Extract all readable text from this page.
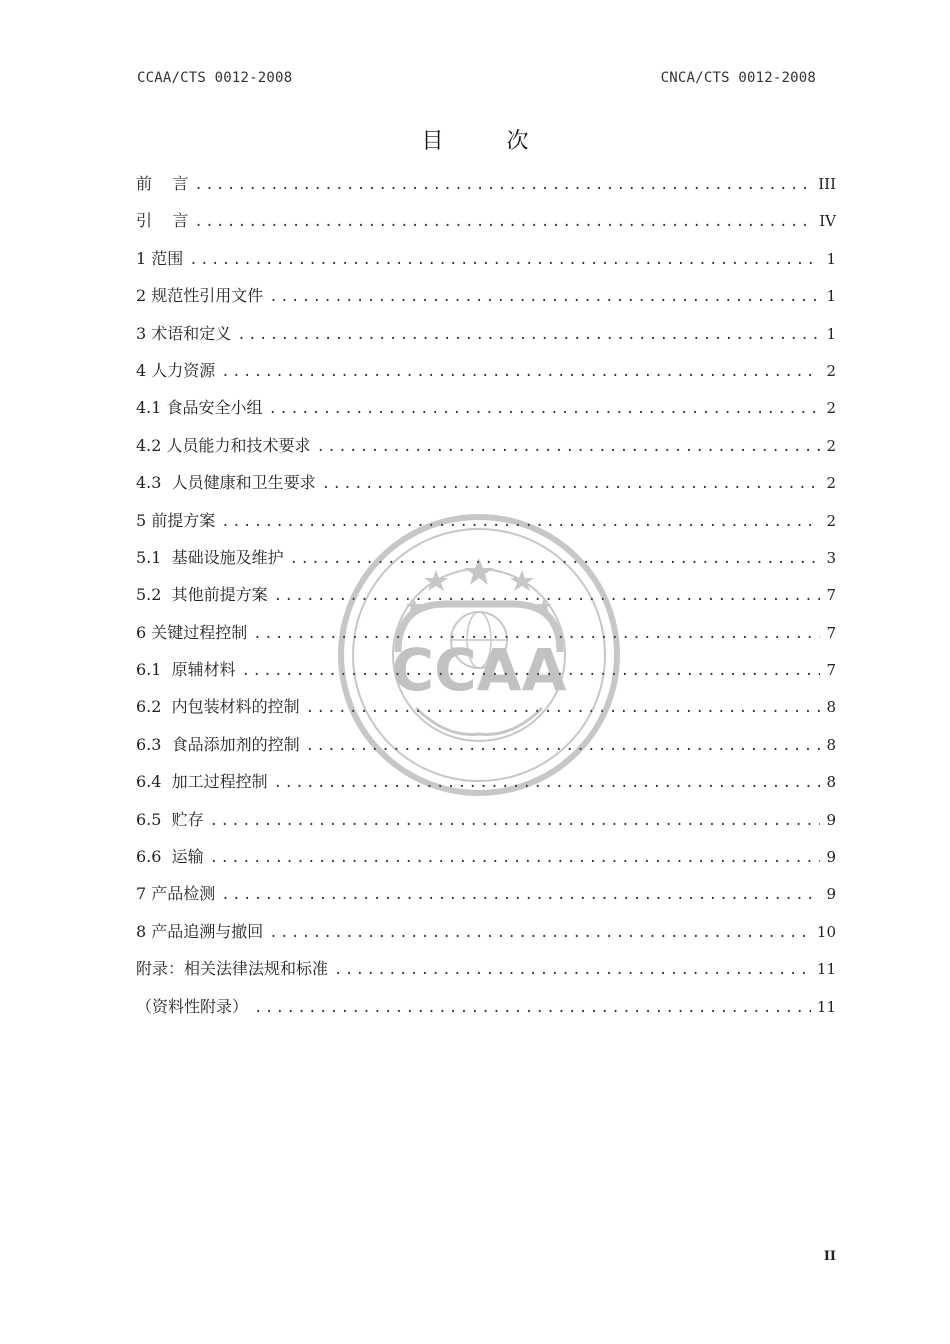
CCAA/CTS 0012-2008	CNCA/CTS 0012-2008
目 次
前    言 .....	III
引    言 .....	IV
1 范围 .....	1
2 规范性引用文件 .....	1
3 术语和定义 .....	1
4 人力资源 .....	2
4.1 食品安全小组 .....	2
4.2 人员能力和技术要求 .....	2
4.3  人员健康和卫生要求 .....	2
5 前提方案 .....	2
5.1  基础设施及维护 .....	3
5.2  其他前提方案 .....	7
6 关键过程控制 .....	7
6.1  原辅材料 .....	7
6.2  内包装材料的控制 .....	8
6.3  食品添加剂的控制 .....	8
6.4  加工过程控制 .....	8
6.5  贮存 .....	9
6.6  运输 .....	9
7 产品检测 .....	9
8 产品追溯与撤回 .....	10
附录：相关法律法规和标准 .....	11
（资料性附录） .....	11
CCAA
II
